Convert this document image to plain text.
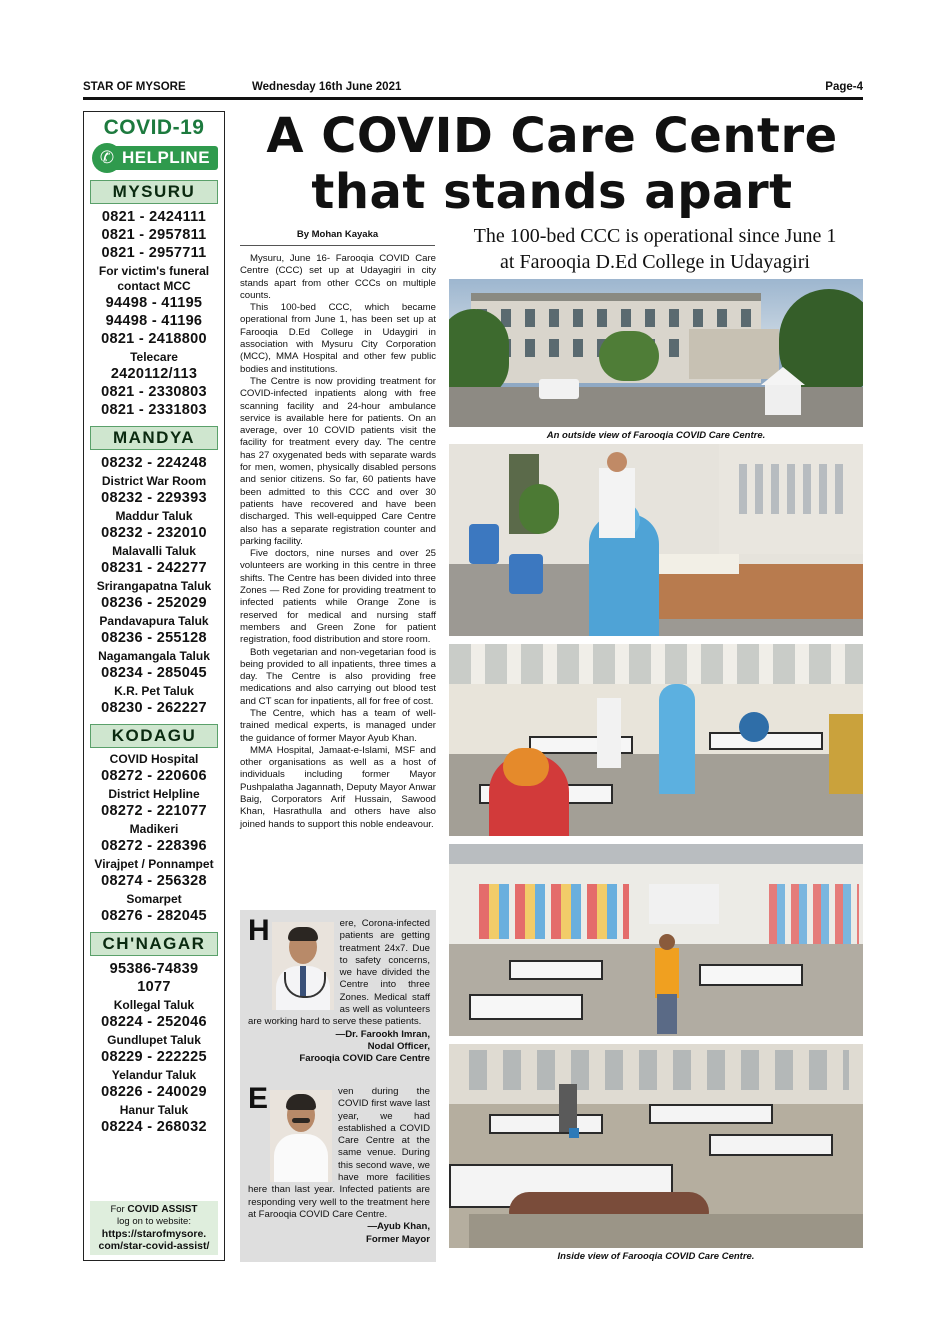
STAR OF MYSORE	Wednesday 16th June 2021	Page-4
COVID-19
HELPLINE
✆
MYSURU
0821 - 2424111
0821 - 2957811
0821 - 2957711
For victim's funeral contact MCC
94498 - 41195
94498 - 41196
0821 - 2418800
Telecare
2420112/113
0821 - 2330803
0821 - 2331803
MANDYA
08232 - 224248
District War Room
08232 - 229393
Maddur Taluk
08232 - 232010
Malavalli Taluk
08231 - 242277
Srirangapatna Taluk
08236 - 252029
Pandavapura Taluk
08236 - 255128
Nagamangala Taluk
08234 - 285045
K.R. Pet Taluk
08230 - 262227
KODAGU
COVID Hospital
08272 - 220606
District Helpline
08272 - 221077
Madikeri
08272 - 228396
Virajpet / Ponnampet
08274 - 256328
Somarpet
08276 - 282045
CH'NAGAR
95386-74839
1077
Kollegal Taluk
08224 - 252046
Gundlupet Taluk
08229 - 222225
Yelandur Taluk
08226 - 240029
Hanur Taluk
08224 - 268032
For COVID ASSIST
log on to website:
https://starofmysore.
com/star-covid-assist/
A COVID Care Centre
that stands apart
By Mohan Kayaka	The 100-bed CCC is operational since June 1
at Farooqia D.Ed College in Udayagiri

Mysuru, June 16- Farooqia COVID Care Centre (CCC) set up at Udayagiri in city stands apart from other CCCs on multiple counts.

This 100-bed CCC, which became operational from June 1, has been set up at Farooqia D.Ed College in Udaygiri in association with Mysuru City Corporation (MCC), MMA Hospital and other few public bodies and institutions.

The Centre is now providing treatment for COVID-infected inpatients along with free scanning facility and 24-hour ambulance service is available here for patients. On an average, over 10 COVID patients visit the facility for treatment every day. The centre has 27 oxygenated beds with separate wards for men, women, physically disabled persons and senior citizens. So far, 60 patients have been admitted to this CCC and over 30 patients have recovered and have been discharged. This well-equipped Care Centre also has a separate registration counter and parking facility.

Five doctors, nine nurses and over 25 volunteers are working in this centre in three shifts. The Centre has been divided into three Zones — Red Zone for providing treatment to infected patients while Orange Zone is reserved for medical and nursing staff members and Green Zone for patient registration, food distribution and store room.

Both vegetarian and non-vegetarian food is being provided to all inpatients, three times a day. The Centre is also providing free medications and also carrying out blood test and CT scan for inpatients, all for free of cost.

The Centre, which has a team of well-trained medical experts, is managed under the guidance of former Mayor Ayub Khan.

MMA Hospital, Jamaat-e-Islami, MSF and other organisations as well as a host of individuals including former Mayor Pushpalatha Jagannath, Deputy Mayor Anwar Baig, Corporators Arif Hussain, Sawood Khan, Hasrathulla and others have also joined hands to support this noble endeavour.

H	ere, Corona-infected patients are getting treatment 24x7. Due to safety concerns, we have divided the Centre into three Zones. Medical staff as well as volunteers are working hard to serve these patients.
—Dr. Farookh Imran,
Nodal Officer,
Farooqia COVID Care Centre
E	ven during the COVID first wave last year, we had established a COVID Care Centre at the same venue. During this second wave, we have more facilities here than last year. Infected patients are responding very well to the treatment here at Farooqia COVID Care Centre.
—Ayub Khan,
Former Mayor
An outside view of Farooqia COVID Care Centre.
Inside view of Farooqia COVID Care Centre.
